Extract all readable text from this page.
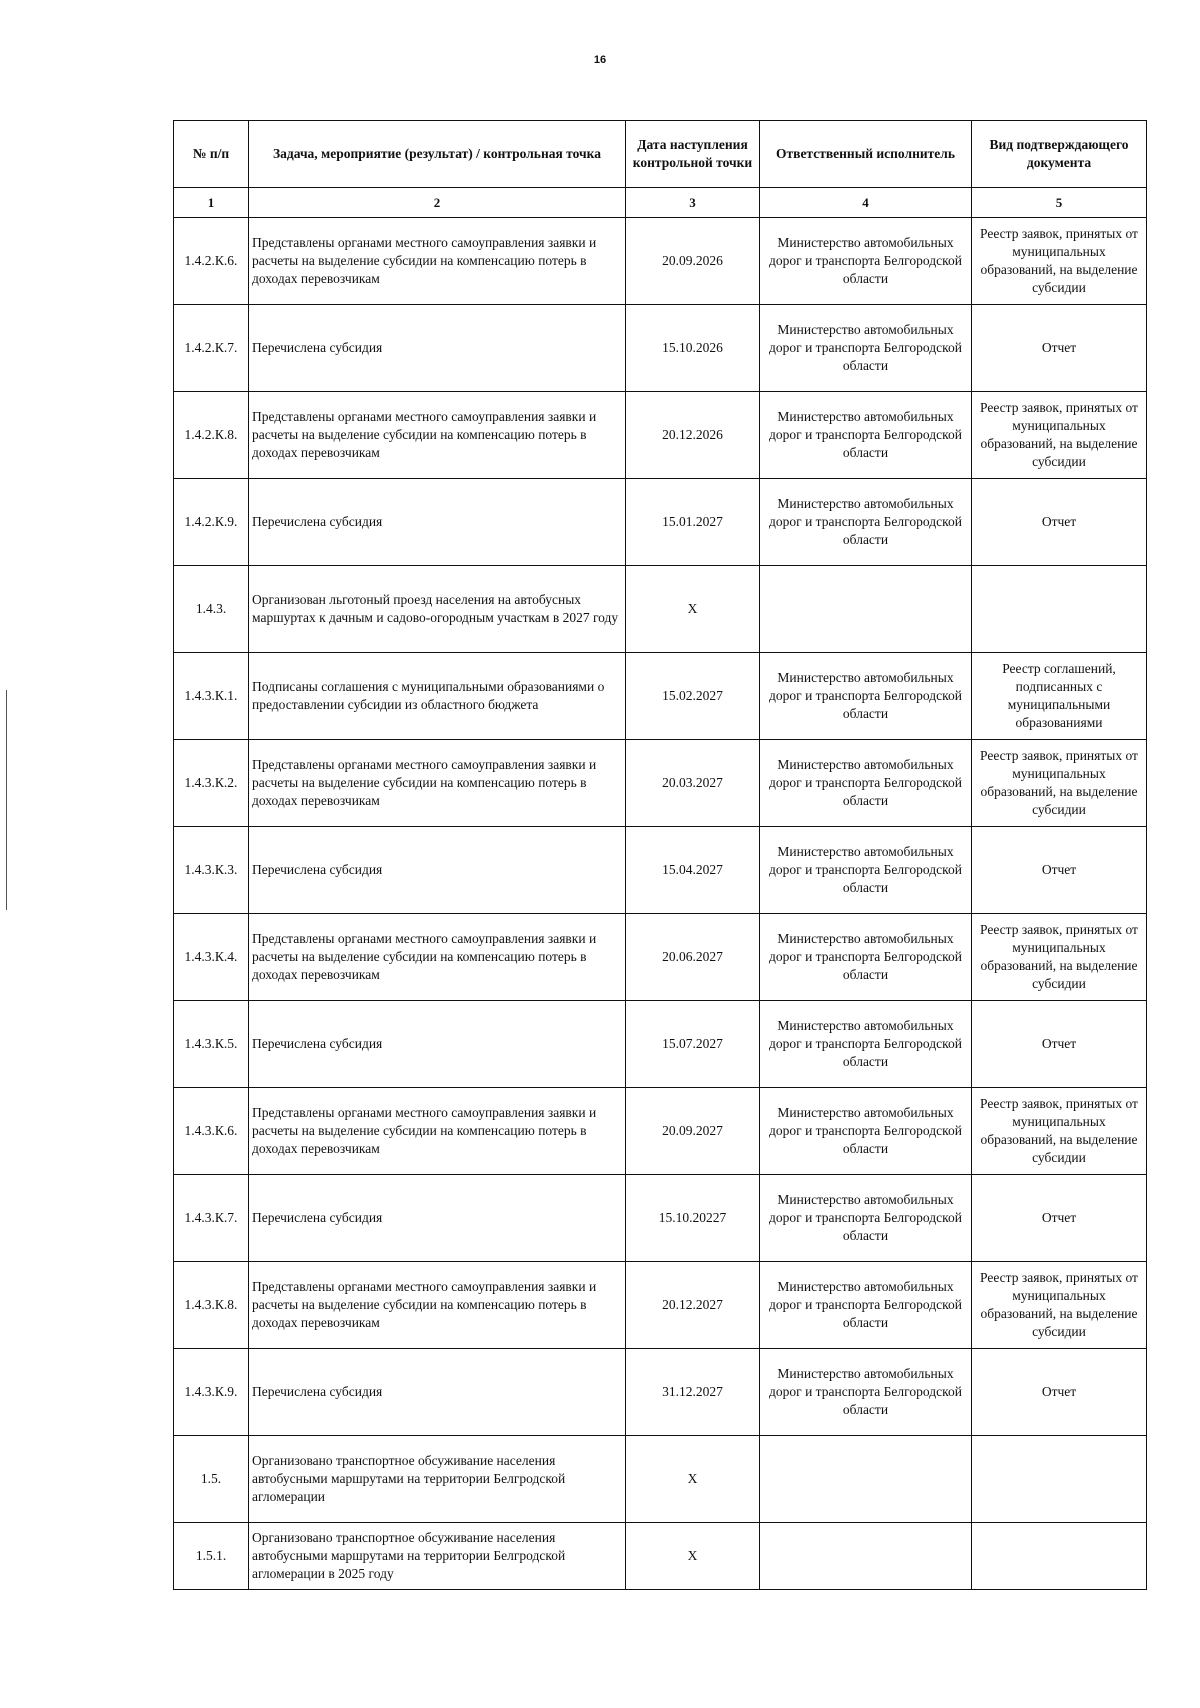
16
№ п/п	Задача, мероприятие (результат) / контрольная точка	Дата наступления контрольной точки	Ответственный исполнитель	Вид подтверждающего документа
1	2	3	4	5
1.4.2.К.6.	Представлены органами местного самоуправления заявки и расчеты на выделение субсидии на компенсацию потерь в доходах перевозчикам	20.09.2026	Министерство автомобильных дорог и транспорта Белгородской области	Реестр заявок, принятых от муниципальных образований, на выделение субсидии
1.4.2.К.7.	Перечислена субсидия	15.10.2026	Министерство автомобильных дорог и транспорта Белгородской области	Отчет
1.4.2.К.8.	Представлены органами местного самоуправления заявки и расчеты на выделение субсидии на компенсацию потерь в доходах перевозчикам	20.12.2026	Министерство автомобильных дорог и транспорта Белгородской области	Реестр заявок, принятых от муниципальных образований, на выделение субсидии
1.4.2.К.9.	Перечислена субсидия	15.01.2027	Министерство автомобильных дорог и транспорта Белгородской области	Отчет
1.4.3.	Организован льготоный проезд населения на автобусных маршуртах к дачным и садово-огородным участкам в 2027 году	Х		
1.4.3.К.1.	Подписаны соглашения с муниципальными образованиями о предоставлении субсидии из областного бюджета	15.02.2027	Министерство автомобильных дорог и транспорта Белгородской области	Реестр соглашений, подписанных с муниципальными образованиями
1.4.3.К.2.	Представлены органами местного самоуправления заявки и расчеты на выделение субсидии на компенсацию потерь в доходах перевозчикам	20.03.2027	Министерство автомобильных дорог и транспорта Белгородской области	Реестр заявок, принятых от муниципальных образований, на выделение субсидии
1.4.3.К.3.	Перечислена субсидия	15.04.2027	Министерство автомобильных дорог и транспорта Белгородской области	Отчет
1.4.3.К.4.	Представлены органами местного самоуправления заявки и расчеты на выделение субсидии на компенсацию потерь в доходах перевозчикам	20.06.2027	Министерство автомобильных дорог и транспорта Белгородской области	Реестр заявок, принятых от муниципальных образований, на выделение субсидии
1.4.3.К.5.	Перечислена субсидия	15.07.2027	Министерство автомобильных дорог и транспорта Белгородской области	Отчет
1.4.3.К.6.	Представлены органами местного самоуправления заявки и расчеты на выделение субсидии на компенсацию потерь в доходах перевозчикам	20.09.2027	Министерство автомобильных дорог и транспорта Белгородской области	Реестр заявок, принятых от муниципальных образований, на выделение субсидии
1.4.3.К.7.	Перечислена субсидия	15.10.20227	Министерство автомобильных дорог и транспорта Белгородской области	Отчет
1.4.3.К.8.	Представлены органами местного самоуправления заявки и расчеты на выделение субсидии на компенсацию потерь в доходах перевозчикам	20.12.2027	Министерство автомобильных дорог и транспорта Белгородской области	Реестр заявок, принятых от муниципальных образований, на выделение субсидии
1.4.3.К.9.	Перечислена субсидия	31.12.2027	Министерство автомобильных дорог и транспорта Белгородской области	Отчет
1.5.	Организовано транспортное обсуживание населения автобусными маршрутами на территории Белгродской агломерации	Х		
1.5.1.	Организовано транспортное обсуживание населения автобусными маршрутами на территории Белгродской агломерации в 2025 году	Х		
